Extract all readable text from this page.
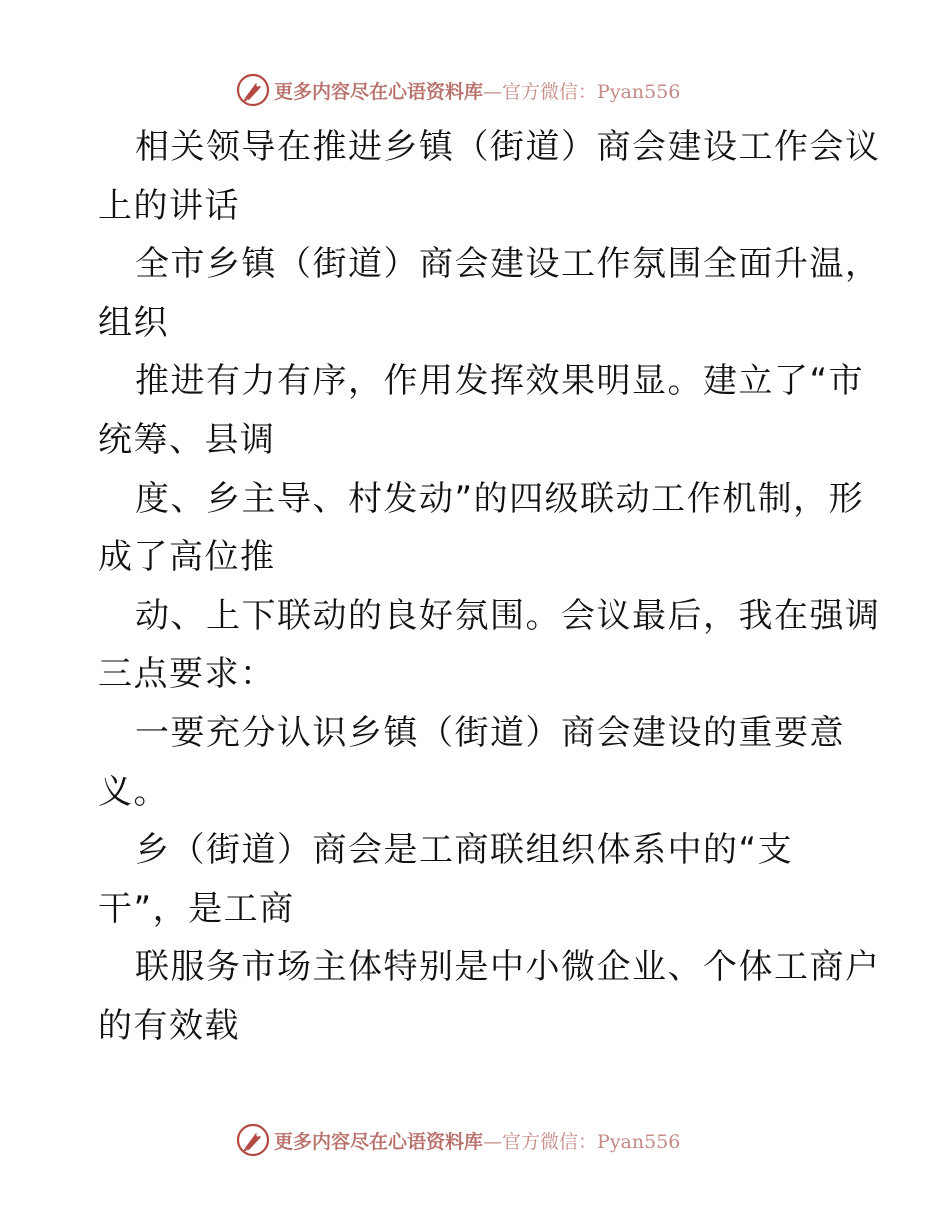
更多内容尽在心语资料库—官方微信：Pyan556
相关领导在推进乡镇（街道）商会建设工作会议
上的讲话
全市乡镇（街道）商会建设工作氛围全面升温，
组织
推进有力有序，作用发挥效果明显。建立了“市
统筹、县调
度、乡主导、村发动”的四级联动工作机制，形
成了高位推
动、上下联动的良好氛围。会议最后，我在强调
三点要求：
一要充分认识乡镇（街道）商会建设的重要意
义。
乡（街道）商会是工商联组织体系中的“支
干”，是工商
联服务市场主体特别是中小微企业、个体工商户
的有效载
更多内容尽在心语资料库—官方微信：Pyan556
